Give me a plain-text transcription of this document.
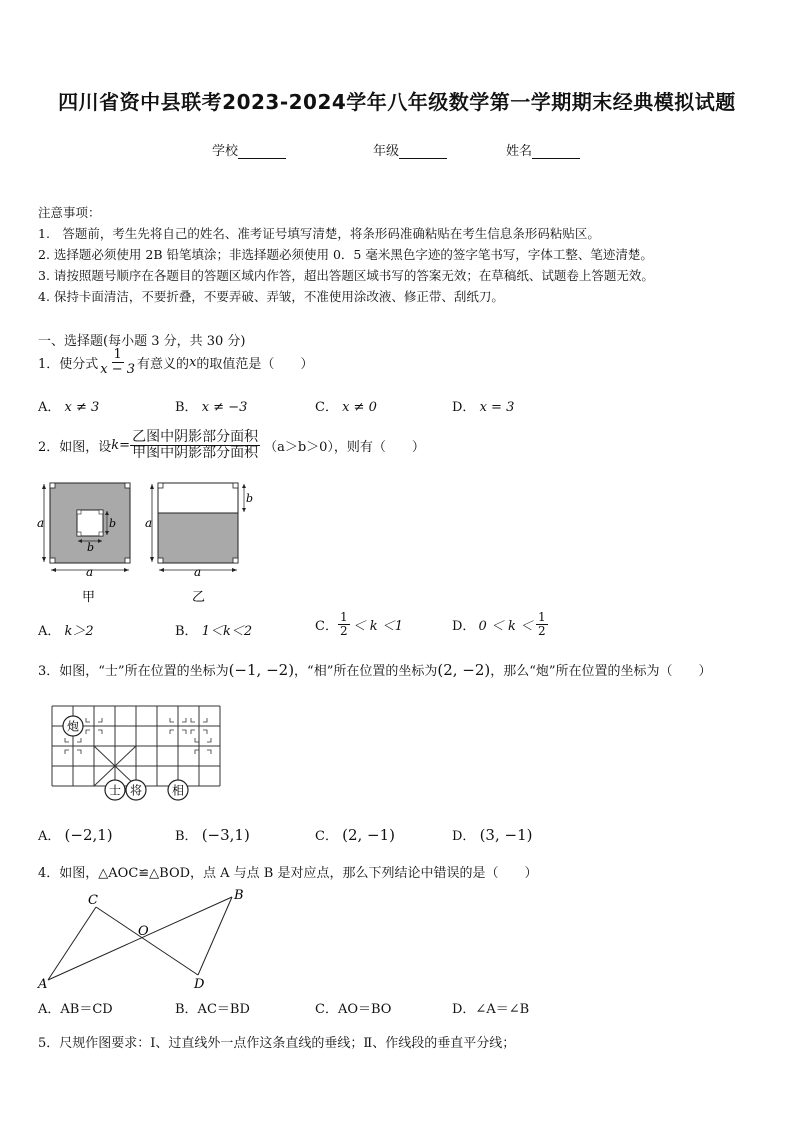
四川省资中县联考2023-2024学年八年级数学第一学期期末经典模拟试题
学校	年级	姓名
注意事项：
1.　答题前，考生先将自己的姓名、准考证号填写清楚，将条形码准确粘贴在考生信息条形码粘贴区。
2. 选择题必须使用 2B 铅笔填涂；非选择题必须使用 0．5 毫米黑色字迹的签字笔书写，字体工整、笔迹清楚。
3. 请按照题号顺序在各题目的答题区域内作答，超出答题区域书写的答案无效；在草稿纸、试题卷上答题无效。
4. 保持卡面清洁，不要折叠，不要弄破、弄皱，不准使用涂改液、修正带、刮纸刀。
一、选择题(每小题 3 分，共 30 分)
1．使分式 $\frac{1}{x - 3}$ 有意义的 x 的取值范是（　　）
A． x ≠ 3	B． x ≠ −3	C． x ≠ 0	D． x = 3
2．如图，设 $k = \frac{\text{乙图中阴影部分面积}}{\text{甲图中阴影部分面积}} (a>b>0)$，则有（　　）
a
a
b
b
甲
a
b
a
乙
A． k＞2	B． 1＜k＜2	C． $\frac{1}{2} < k <1$	D． $0 < k < \frac{1}{2}$
3．如图，“士”所在位置的坐标为(−1, −2)，“相”所在位置的坐标为(2, −2)，那么“炮”所在位置的坐标为（　　）
炮
士 将 相
A． (−2,1)	B． (−3,1)	C． (2, −1)	D． (3, −1)
4．如图，△AOC≌△BOD，点 A 与点 B 是对应点，那么下列结论中错误的是（　　）
A
C
O
B
D
A．AB＝CD	B．AC＝BD	C．AO＝BO	D．∠A＝∠B
5．尺规作图要求：Ⅰ、过直线外一点作这条直线的垂线；Ⅱ、作线段的垂直平分线；
